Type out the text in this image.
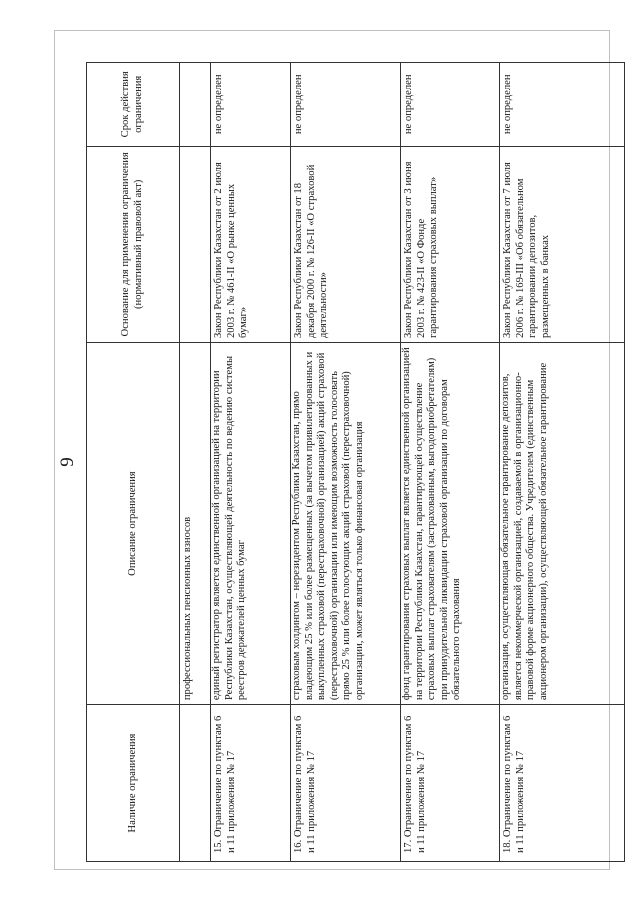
9
Наличие ограничения	Описание ограничения	Основание для применения ограничения (нормативный правовой акт)	Срок действия ограничения
	профессиональных пенсионных взносов		
15. Ограничение по пунктам 6 и 11 приложения № 17	единый регистратор является единственной организацией на территории Республики Казахстан, осуществляющей деятельность по ведению системы реестров держателей ценных бумаг	Закон Республики Казахстан от 2 июля 2003 г. № 461-II «О рынке ценных бумаг»	не определен
16. Ограничение по пунктам 6 и 11 приложения № 17	страховым холдингом – нерезидентом Республики Казахстан, прямо владеющим 25 % или более размещенных (за вычетом привилегированных и выкупленных страховой (перестраховочной) организацией) акций страховой (перестраховочной) организации или имеющим возможность голосовать прямо 25 % или более голосующих акций страховой (перестраховочной) организации, может являться только финансовая организация	Закон Республики Казахстан от 18 декабря 2000 г. № 126-II «О страховой деятельности»	не определен
17. Ограничение по пунктам 6 и 11 приложения № 17	фонд гарантирования страховых выплат является единственной организацией на территории Республики Казахстан, гарантирующей осуществление страховых выплат страхователям (застрахованным, выгодоприобретателям) при принудительной ликвидации страховой организации по договорам обязательного страхования	Закон Республики Казахстан от 3 июня 2003 г. № 423-II «О Фонде гарантирования страховых выплат»	не определен
18. Ограничение по пунктам 6 и 11 приложения № 17	организация, осуществляющая обязательное гарантирование депозитов, является некоммерческой организацией, создаваемой в организационно-правовой форме акционерного общества. Учредителем (единственным акционером организации), осуществляющей обязательное гарантирование	Закон Республики Казахстан от 7 июля 2006 г. № 169-III «Об обязательном гарантировании депозитов, размещенных в банках	не определен
